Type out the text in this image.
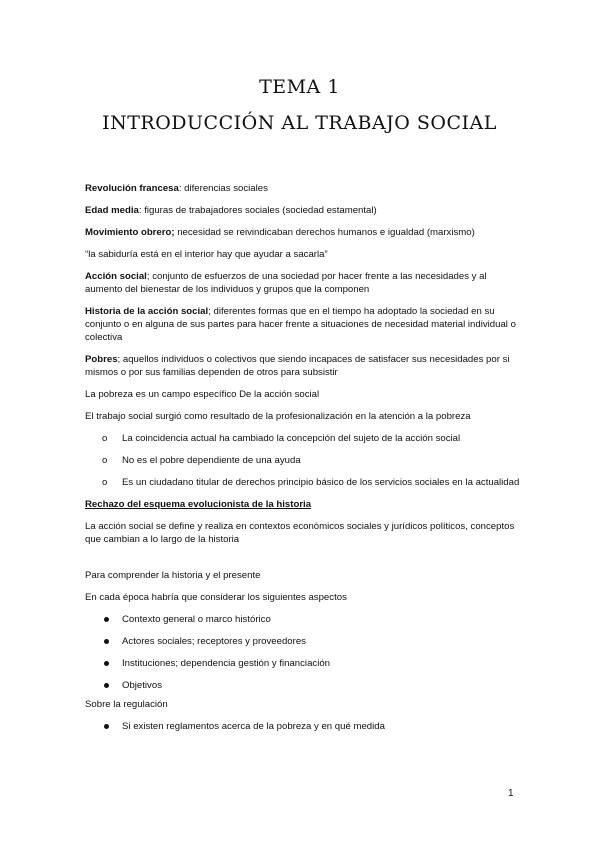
TEMA 1
INTRODUCCIÓN AL TRABAJO SOCIAL

Revolución francesa: diferencias sociales

Edad media: figuras de trabajadores sociales (sociedad estamental)

Movimiento obrero; necesidad se reivindicaban derechos humanos e igualdad (marxismo)

“la sabiduría está en el interior hay que ayudar a sacarla”

Acción social; conjunto de esfuerzos de una sociedad por hacer frente a las necesidades y al aumento del bienestar de los individuos y grupos que la componen

Historia de la acción social; diferentes formas que en el tiempo ha adoptado la sociedad en su conjunto o en alguna de sus partes para hacer frente a situaciones de necesidad material individual o colectiva

Pobres; aquellos individuos o colectivos que siendo incapaces de satisfacer sus necesidades por si mismos o por sus familias dependen de otros para subsistir

La pobreza es un campo específico De la acción social

El trabajo social surgió como resultado de la profesionalización en la atención a la pobreza

o La coincidencia actual ha cambiado la concepción del sujeto de la acción social
o No es el pobre dependiente de una ayuda
o Es un ciudadano titular de derechos principio básico de los servicios sociales en la actualidad

Rechazo del esquema evolucionista de la historia

La acción social se define y realiza en contextos económicos sociales y jurídicos políticos, conceptos que cambian a lo largo de la historia

Para comprender la historia y el presente

En cada época habría que considerar los siguientes aspectos

Contexto general o marco histórico
Actores sociales; receptores y proveedores
Instituciones; dependencia gestión y financiación
Objetivos

Sobre la regulación

Si existen reglamentos acerca de la pobreza y en qué medida
1
